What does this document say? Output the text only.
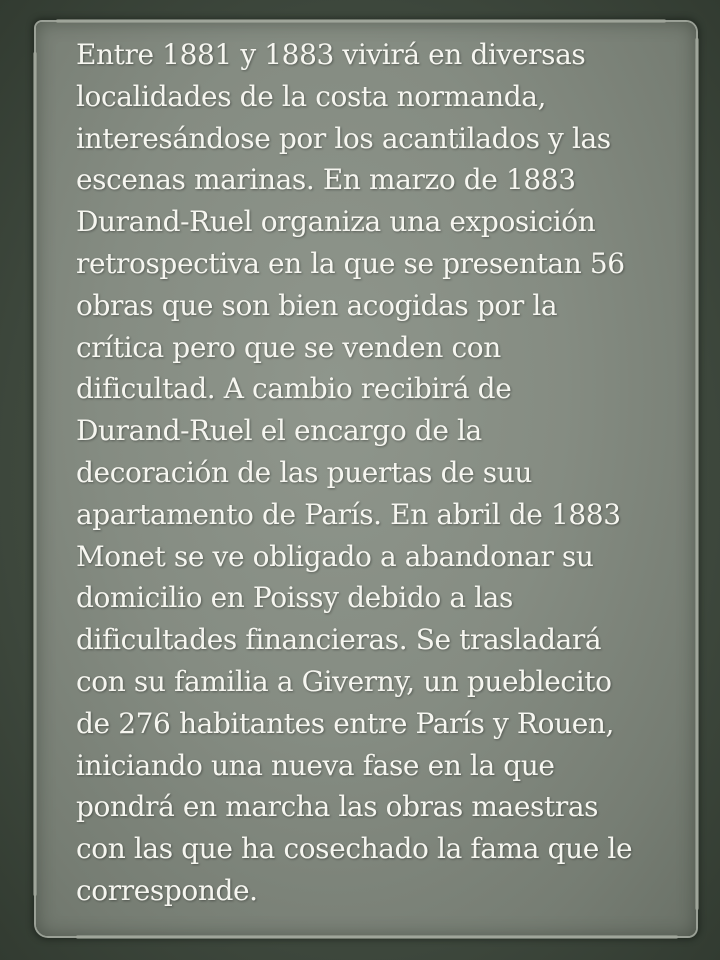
Entre 1881 y 1883 vivirá en diversas
localidades de la costa normanda,
interesándose por los acantilados y las
escenas marinas. En marzo de 1883
Durand-Ruel organiza una exposición
retrospectiva en la que se presentan 56
obras que son bien acogidas por la
crítica pero que se venden con
dificultad. A cambio recibirá de
Durand-Ruel el encargo de la
decoración de las puertas de suu
apartamento de París. En abril de 1883
Monet se ve obligado a abandonar su
domicilio en Poissy debido a las
dificultades financieras. Se trasladará
con su familia a Giverny, un pueblecito
de 276 habitantes entre París y Rouen,
iniciando una nueva fase en la que
pondrá en marcha las obras maestras
con las que ha cosechado la fama que le
corresponde.
